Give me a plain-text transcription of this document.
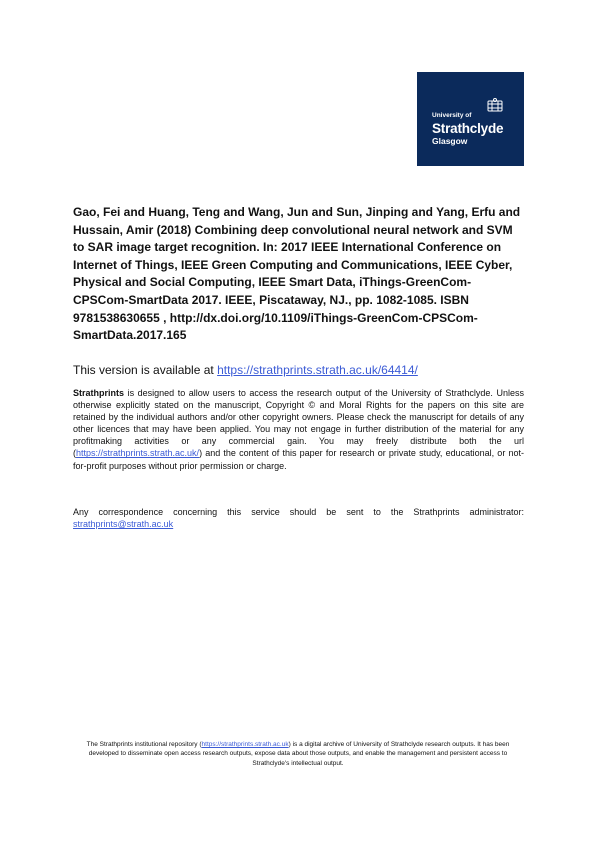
University of
Strathclyde
Glasgow
Gao, Fei and Huang, Teng and Wang, Jun and Sun, Jinping and Yang, Erfu and Hussain, Amir (2018) Combining deep convolutional neural network and SVM to SAR image target recognition. In: 2017 IEEE International Conference on Internet of Things, IEEE Green Computing and Communications, IEEE Cyber, Physical and Social Computing, IEEE Smart Data, iThings-GreenCom-CPSCom-SmartData 2017. IEEE, Piscataway, NJ., pp. 1082-1085. ISBN 9781538630655 , http://dx.doi.org/10.1109/iThings-GreenCom-CPSCom-SmartData.2017.165
This version is available at https://strathprints.strath.ac.uk/64414/
Strathprints is designed to allow users to access the research output of the University of Strathclyde. Unless otherwise explicitly stated on the manuscript, Copyright © and Moral Rights for the papers on this site are retained by the individual authors and/or other copyright owners. Please check the manuscript for details of any other licences that may have been applied. You may not engage in further distribution of the material for any profitmaking activities or any commercial gain. You may freely distribute both the url (https://strathprints.strath.ac.uk/) and the content of this paper for research or private study, educational, or not-for-profit purposes without prior permission or charge.
Any correspondence concerning this service should be sent to the Strathprints administrator: strathprints@strath.ac.uk
The Strathprints institutional repository (https://strathprints.strath.ac.uk) is a digital archive of University of Strathclyde research outputs. It has been developed to disseminate open access research outputs, expose data about those outputs, and enable the management and persistent access to Strathclyde's intellectual output.
